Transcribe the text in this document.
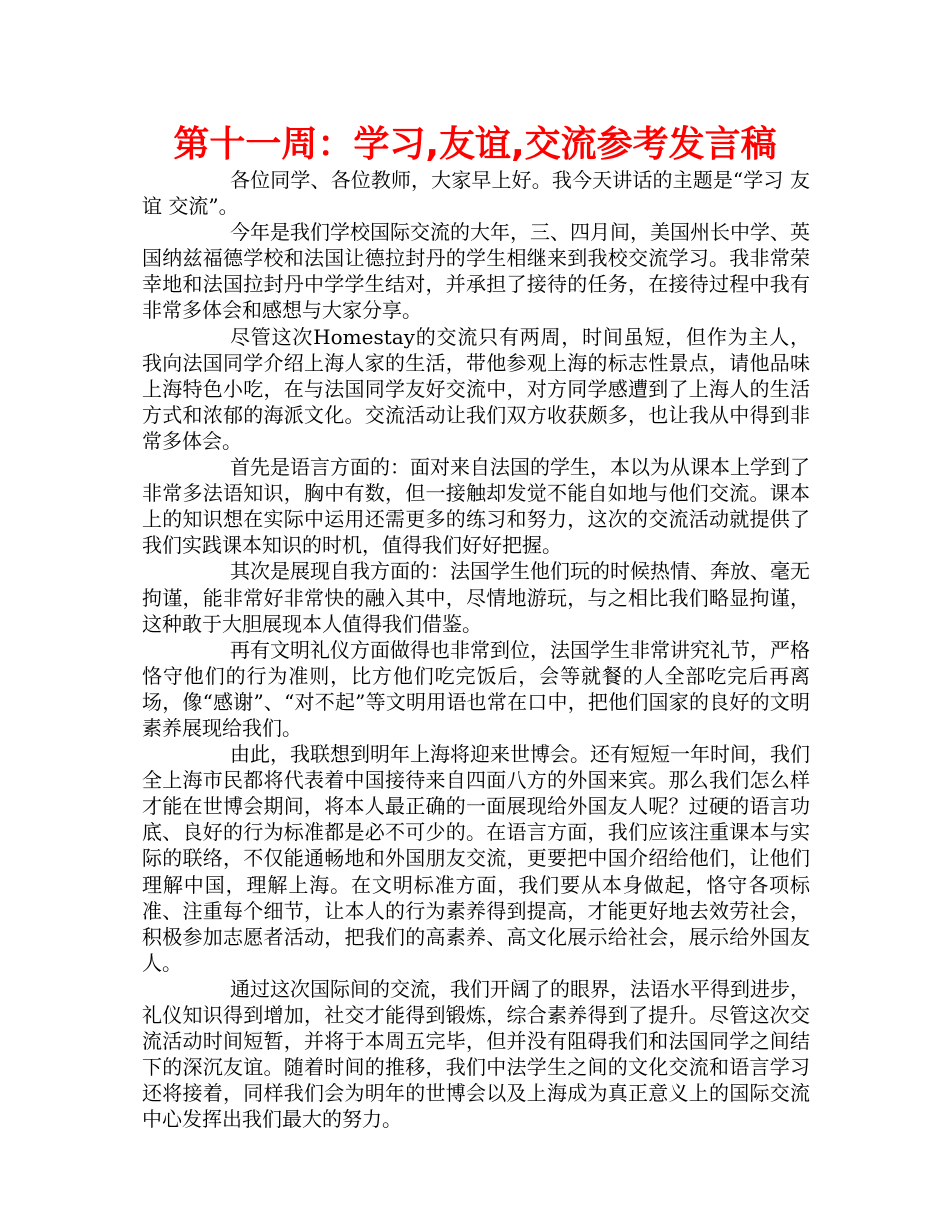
第十一周：学习,友谊,交流参考发言稿

各位同学、各位教师，大家早上好。我今天讲话的主题是“学习 友谊 交流”。

今年是我们学校国际交流的大年，三、四月间，美国州长中学、英国纳兹福德学校和法国让德拉封丹的学生相继来到我校交流学习。我非常荣幸地和法国拉封丹中学学生结对，并承担了接待的任务，在接待过程中我有非常多体会和感想与大家分享。

尽管这次Homestay的交流只有两周，时间虽短，但作为主人，我向法国同学介绍上海人家的生活，带他参观上海的标志性景点，请他品味上海特色小吃，在与法国同学友好交流中，对方同学感遭到了上海人的生活方式和浓郁的海派文化。交流活动让我们双方收获颇多，也让我从中得到非常多体会。

首先是语言方面的：面对来自法国的学生，本以为从课本上学到了非常多法语知识，胸中有数，但一接触却发觉不能自如地与他们交流。课本上的知识想在实际中运用还需更多的练习和努力，这次的交流活动就提供了我们实践课本知识的时机，值得我们好好把握。

其次是展现自我方面的：法国学生他们玩的时候热情、奔放、毫无拘谨，能非常好非常快的融入其中，尽情地游玩，与之相比我们略显拘谨，这种敢于大胆展现本人值得我们借鉴。

再有文明礼仪方面做得也非常到位，法国学生非常讲究礼节，严格恪守他们的行为准则，比方他们吃完饭后，会等就餐的人全部吃完后再离场，像“感谢”、“对不起”等文明用语也常在口中，把他们国家的良好的文明素养展现给我们。

由此，我联想到明年上海将迎来世博会。还有短短一年时间，我们全上海市民都将代表着中国接待来自四面八方的外国来宾。那么我们怎么样才能在世博会期间，将本人最正确的一面展现给外国友人呢？过硬的语言功底、良好的行为标准都是必不可少的。在语言方面，我们应该注重课本与实际的联络，不仅能通畅地和外国朋友交流，更要把中国介绍给他们，让他们理解中国，理解上海。在文明标准方面，我们要从本身做起，恪守各项标准、注重每个细节，让本人的行为素养得到提高，才能更好地去效劳社会，积极参加志愿者活动，把我们的高素养、高文化展示给社会，展示给外国友人。

通过这次国际间的交流，我们开阔了的眼界，法语水平得到进步，礼仪知识得到增加，社交才能得到锻炼，综合素养得到了提升。尽管这次交流活动时间短暂，并将于本周五完毕，但并没有阻碍我们和法国同学之间结下的深沉友谊。随着时间的推移，我们中法学生之间的文化交流和语言学习还将接着，同样我们会为明年的世博会以及上海成为真正意义上的国际交流中心发挥出我们最大的努力。
